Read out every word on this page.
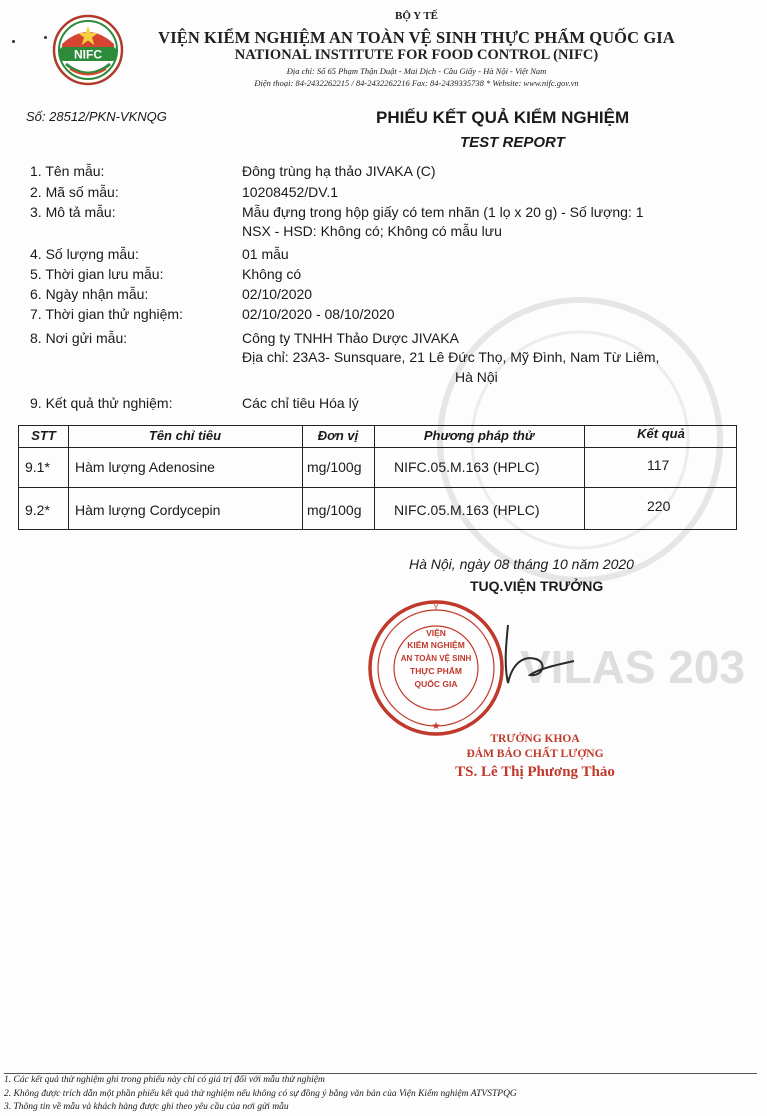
VILAS 203
NIFC
BỘ Y TẾ
VIỆN KIỂM NGHIỆM AN TOÀN VỆ SINH THỰC PHẨM QUỐC GIA
NATIONAL INSTITUTE FOR FOOD CONTROL (NIFC)
Địa chỉ: Số 65 Phạm Thận Duật - Mai Dịch - Cầu Giấy - Hà Nội - Việt Nam
Điện thoại: 84-2432262215 / 84-2432262216 Fax: 84-2439335738 * Website: www.nifc.gov.vn
Số: 28512/PKN-VKNQG	PHIẾU KẾT QUẢ KIỂM NGHIỆM
TEST REPORT
1. Tên mẫu:	Đông trùng hạ thảo JIVAKA (C)
2. Mã số mẫu:	10208452/DV.1
3. Mô tả mẫu:	Mẫu đựng trong hộp giấy có tem nhãn (1 lọ x 20 g) - Số lượng: 1
NSX - HSD: Không có; Không có mẫu lưu
4. Số lượng mẫu:	01 mẫu
5. Thời gian lưu mẫu:	Không có
6. Ngày nhận mẫu:	02/10/2020
7. Thời gian thử nghiệm:	02/10/2020 - 08/10/2020
8. Nơi gửi mẫu:	Công ty TNHH Thảo Dược JIVAKA
Địa chỉ: 23A3- Sunsquare, 21 Lê Đức Thọ, Mỹ Đình, Nam Từ Liêm,
Hà Nội
9. Kết quả thử nghiệm:	Các chỉ tiêu Hóa lý
STT	Tên chỉ tiêu	Đơn vị	Phương pháp thử	Kết quả
9.1* Hàm lượng Adenosine	mg/100g NIFC.05.M.163 (HPLC)	117
9.2* Hàm lượng Cordycepin	mg/100g NIFC.05.M.163 (HPLC)	220
Hà Nội, ngày 08 tháng 10 năm 2020
TUQ.VIỆN TRƯỞNG
Y
★
VIỆN
KIỂM NGHIỆM
AN TOÀN VỆ SINH
THỰC PHẨM
QUỐC GIA
TRƯỞNG KHOA
ĐẢM BẢO CHẤT LƯỢNG
TS. Lê Thị Phương Thảo
1. Các kết quả thử nghiệm ghi trong phiếu này chỉ có giá trị đối với mẫu thử nghiệm
2. Không được trích dẫn một phần phiếu kết quả thử nghiệm nếu không có sự đồng ý bằng văn bản của Viện Kiểm nghiệm ATVSTPQG
3. Thông tin về mẫu và khách hàng được ghi theo yêu cầu của nơi gửi mẫu
